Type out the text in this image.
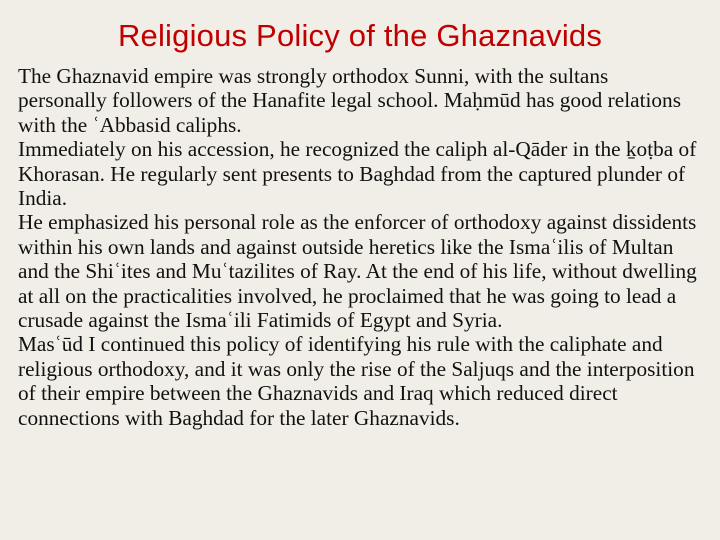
Religious Policy of the Ghaznavids

The Ghaznavid empire was strongly orthodox Sunni, with the sultans personally followers of the Hanafite legal school. Maḥmūd has good relations with the ʿAbbasid caliphs.

Immediately on his accession, he recognized the caliph al-Qāder in the ḵoṭba of Khorasan. He regularly sent presents to Baghdad from the captured plunder of India.

He emphasized his personal role as the enforcer of orthodoxy against dissidents within his own lands and against outside heretics like the Ismaʿilis of Multan and the Shiʿites and Muʿtazilites of Ray. At the end of his life, without dwelling at all on the practicalities involved, he proclaimed that he was going to lead a crusade against the Ismaʿili Fatimids of Egypt and Syria.

Masʿūd I continued this policy of identifying his rule with the caliphate and religious orthodoxy, and it was only the rise of the Saljuqs and the interposition of their empire between the Ghaznavids and Iraq which reduced direct connections with Baghdad for the later Ghaznavids.
